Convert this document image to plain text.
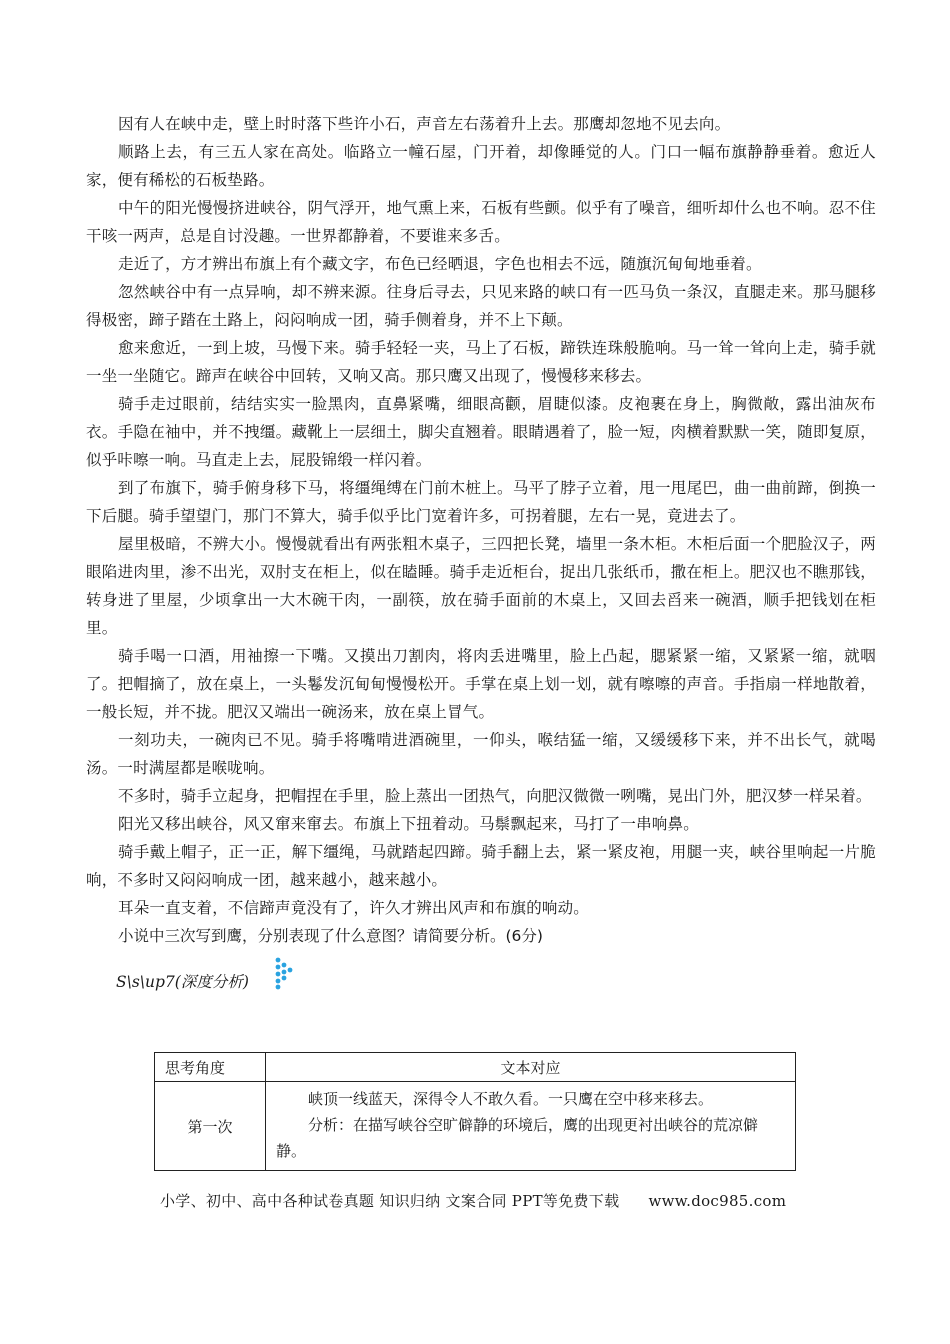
因有人在峡中走，壁上时时落下些许小石，声音左右荡着升上去。那鹰却忽地不见去向。

顺路上去，有三五人家在高处。临路立一幢石屋，门开着，却像睡觉的人。门口一幅布旗静静垂着。愈近人家，便有稀松的石板垫路。

中午的阳光慢慢挤进峡谷，阴气浮开，地气熏上来，石板有些颤。似乎有了噪音，细听却什么也不响。忍不住干咳一两声，总是自讨没趣。一世界都静着，不要谁来多舌。

走近了，方才辨出布旗上有个藏文字，布色已经晒退，字色也相去不远，随旗沉甸甸地垂着。

忽然峡谷中有一点异响，却不辨来源。往身后寻去，只见来路的峡口有一匹马负一条汉，直腿走来。那马腿移得极密，蹄子踏在土路上，闷闷响成一团，骑手侧着身，并不上下颠。

愈来愈近，一到上坡，马慢下来。骑手轻轻一夹，马上了石板，蹄铁连珠般脆响。马一耸一耸向上走，骑手就一坐一坐随它。蹄声在峡谷中回转，又响又高。那只鹰又出现了，慢慢移来移去。

骑手走过眼前，结结实实一脸黑肉，直鼻紧嘴，细眼高颧，眉睫似漆。皮袍裹在身上，胸微敞，露出油灰布衣。手隐在袖中，并不拽缰。藏靴上一层细土，脚尖直翘着。眼睛遇着了，脸一短，肉横着默默一笑，随即复原，似乎咔嚓一响。马直走上去，屁股锦缎一样闪着。

到了布旗下，骑手俯身移下马，将缰绳缚在门前木桩上。马平了脖子立着，甩一甩尾巴，曲一曲前蹄，倒换一下后腿。骑手望望门，那门不算大，骑手似乎比门宽着许多，可拐着腿，左右一晃，竟进去了。

屋里极暗，不辨大小。慢慢就看出有两张粗木桌子，三四把长凳，墙里一条木柜。木柜后面一个肥脸汉子，两眼陷进肉里，渗不出光，双肘支在柜上，似在瞌睡。骑手走近柜台，捉出几张纸币，撒在柜上。肥汉也不瞧那钱，转身进了里屋，少顷拿出一大木碗干肉，一副筷，放在骑手面前的木桌上，又回去舀来一碗酒，顺手把钱划在柜里。

骑手喝一口酒，用袖擦一下嘴。又摸出刀割肉，将肉丢进嘴里，脸上凸起，腮紧紧一缩，又紧紧一缩，就咽了。把帽摘了，放在桌上，一头鬈发沉甸甸慢慢松开。手掌在桌上划一划，就有嚓嚓的声音。手指扇一样地散着，一般长短，并不拢。肥汉又端出一碗汤来，放在桌上冒气。

一刻功夫，一碗肉已不见。骑手将嘴啃进酒碗里，一仰头，喉结猛一缩，又缓缓移下来，并不出长气，就喝汤。一时满屋都是喉咙响。

不多时，骑手立起身，把帽捏在手里，脸上蒸出一团热气，向肥汉微微一咧嘴，晃出门外，肥汉梦一样呆着。

阳光又移出峡谷，风又窜来窜去。布旗上下扭着动。马鬃飘起来，马打了一串响鼻。

骑手戴上帽子，正一正，解下缰绳，马就踏起四蹄。骑手翻上去，紧一紧皮袍，用腿一夹，峡谷里响起一片脆响，不多时又闷闷响成一团，越来越小，越来越小。

耳朵一直支着，不信蹄声竟没有了，许久才辨出风声和布旗的响动。

小说中三次写到鹰，分别表现了什么意图？请简要分析。(6分)

S\s\up7(深度分析)
思考角度	文本对应
第一次	峡顶一线蓝天，深得令人不敢久看。一只鹰在空中移来移去。

分析：在描写峡谷空旷僻静的环境后，鹰的出现更衬出峡谷的荒凉僻静。

小学、初中、高中各种试卷真题 知识归纳 文案合同 PPT等免费下载 www.doc985.com
